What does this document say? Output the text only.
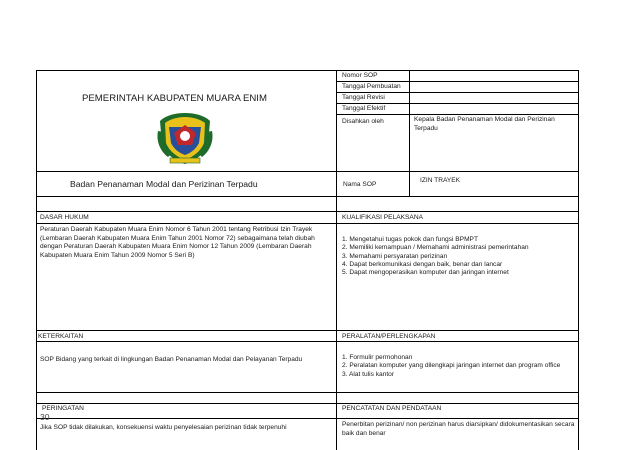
PEMERINTAH KABUPATEN MUARA ENIM
Badan Penanaman Modal dan Perizinan Terpadu
Nomor SOP
Tanggal Pembuatan
Tanggal Revisi
Tanggal Efektif
Disahkan oleh	Kepala Badan Penanaman Modal dan Perizinan Terpadu
Nama SOP
IZIN TRAYEK
DASAR HUKUM
Peraturan Daerah Kabupaten Muara Enim Nomor 6 Tahun 2001 tentang Retribusi Izin Trayek (Lembaran Daerah Kabupaten Muara Enim Tahun 2001 Nomor 72) sebagaimana telah diubah dengan Peraturan Daerah Kabupaten Muara Enim Nomor 12 Tahun 2009 (Lembaran Daerah Kabupaten Muara Enim Tahun 2009 Nomor 5 Seri B)
KUALIFIKASI PELAKSANA
1. Mengetahui tugas pokok dan fungsi BPMPT
2. Memiliki kemampuan / Memahami administrasi pemerintahan
3. Memahami persyaratan perizinan
4. Dapat berkomunikasi dengan baik, benar dan lancar
5. Dapat mengoperasikan komputer dan jaringan internet
KETERKAITAN
SOP Bidang yang terkait di lingkungan Badan Penanaman Modal dan Pelayanan Terpadu
PERALATAN/PERLENGKAPAN
1. Formulir permohonan
2. Peralatan komputer yang dilengkapi jaringan internet dan program office
3. Alat tulis kantor
PERINGATAN
30
Jika SOP tidak dilakukan, konsekuensi waktu penyelesaian perizinan tidak terpenuhi
PENCATATAN DAN PENDATAAN
Penerbitan perizinan/ non perizinan harus diarsipkan/ didokumentasikan secara baik dan benar
